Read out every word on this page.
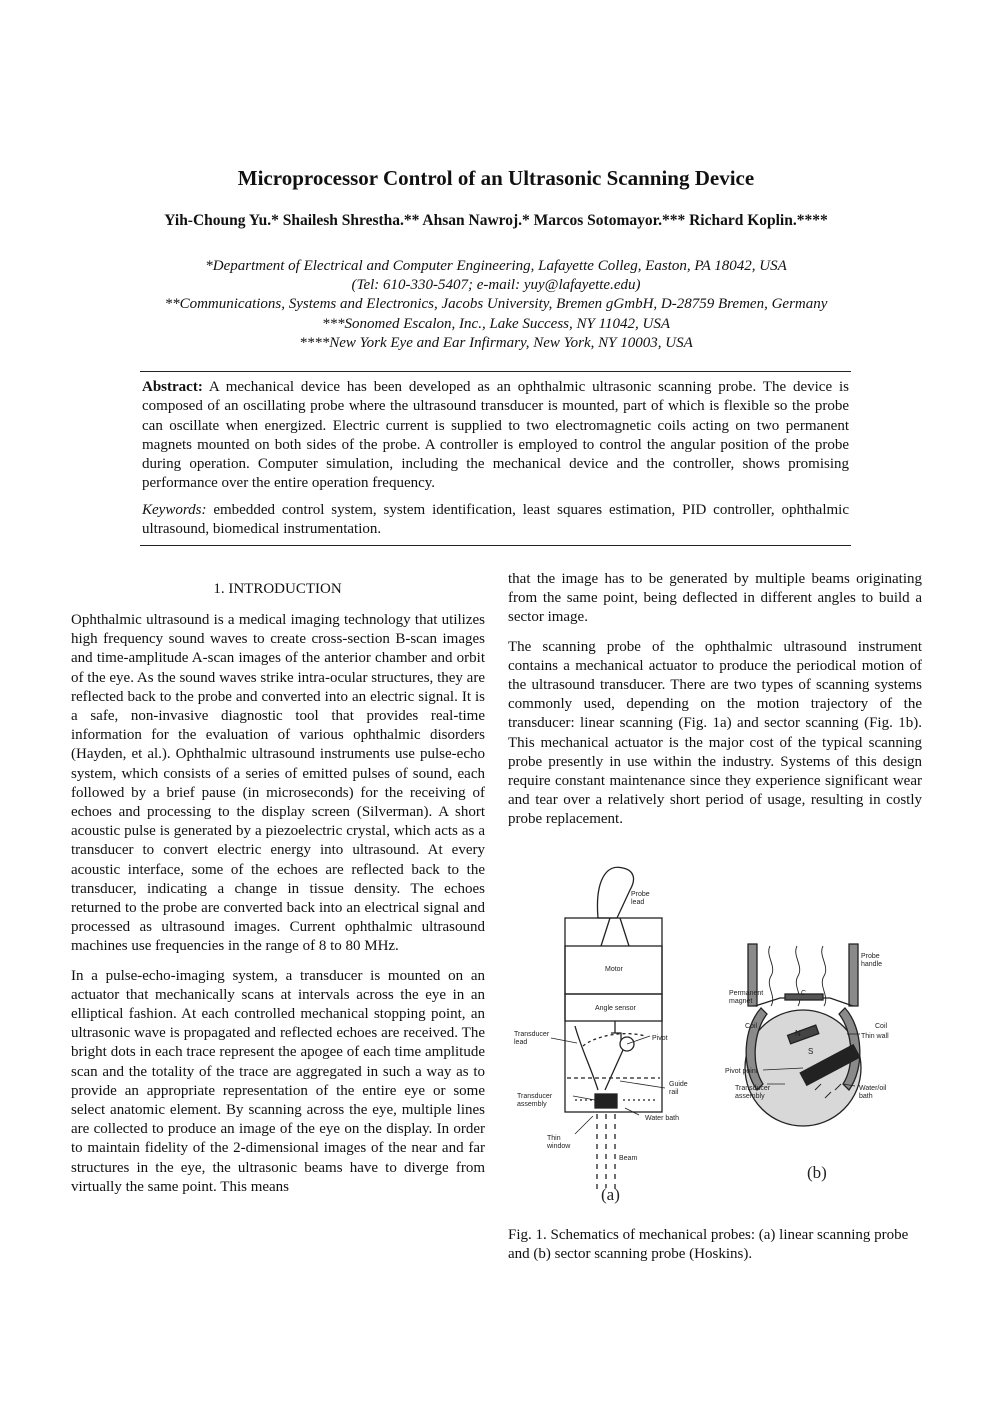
Microprocessor Control of an Ultrasonic Scanning Device
Yih-Choung Yu.* Shailesh Shrestha.** Ahsan Nawroj.* Marcos Sotomayor.*** Richard Koplin.****
*Department of Electrical and Computer Engineering, Lafayette Colleg, Easton, PA 18042, USA
(Tel: 610-330-5407; e-mail: yuy@lafayette.edu)
**Communications, Systems and Electronics, Jacobs University, Bremen gGmbH, D-28759 Bremen, Germany
***Sonomed Escalon, Inc., Lake Success, NY 11042, USA
****New York Eye and Ear Infirmary, New York, NY 10003, USA
Abstract: A mechanical device has been developed as an ophthalmic ultrasonic scanning probe. The device is composed of an oscillating probe where the ultrasound transducer is mounted, part of which is flexible so the probe can oscillate when energized. Electric current is supplied to two electromagnetic coils acting on two permanent magnets mounted on both sides of the probe. A controller is employed to control the angular position of the probe during operation. Computer simulation, including the mechanical device and the controller, shows promising performance over the entire operation frequency.
Keywords: embedded control system, system identification, least squares estimation, PID controller, ophthalmic ultrasound, biomedical instrumentation.
1. INTRODUCTION

Ophthalmic ultrasound is a medical imaging technology that utilizes high frequency sound waves to create cross-section B-scan images and time-amplitude A-scan images of the anterior chamber and orbit of the eye. As the sound waves strike intra-ocular structures, they are reflected back to the probe and converted into an electric signal. It is a safe, non-invasive diagnostic tool that provides real-time information for the evaluation of various ophthalmic disorders (Hayden, et al.). Ophthalmic ultrasound instruments use pulse-echo system, which consists of a series of emitted pulses of sound, each followed by a brief pause (in microseconds) for the receiving of echoes and processing to the display screen (Silverman). A short acoustic pulse is generated by a piezoelectric crystal, which acts as a transducer to convert electric energy into ultrasound. At every acoustic interface, some of the echoes are reflected back to the transducer, indicating a change in tissue density. The echoes returned to the probe are converted back into an electrical signal and processed as ultrasound images. Current ophthalmic ultrasound machines use frequencies in the range of 8 to 80 MHz.

In a pulse-echo-imaging system, a transducer is mounted on an actuator that mechanically scans at intervals across the eye in an elliptical fashion. At each controlled mechanical stopping point, an ultrasonic wave is propagated and reflected echoes are received. The bright dots in each trace represent the apogee of each time amplitude scan and the totality of the trace are aggregated in such a way as to provide an appropriate representation of the entire eye or some select anatomic element. By scanning across the eye, multiple lines are collected to produce an image of the eye on the display. In order to maintain fidelity of the 2-dimensional images of the near and far structures in the eye, the ultrasonic beams have to diverge from virtually the same point. This means

that the image has to be generated by multiple beams originating from the same point, being deflected in different angles to build a sector image.

The scanning probe of the ophthalmic ultrasound instrument contains a mechanical actuator to produce the periodical motion of the ultrasound transducer. There are two types of scanning systems commonly used, depending on the motion trajectory of the transducer: linear scanning (Fig. 1a) and sector scanning (Fig. 1b). This mechanical actuator is the major cost of the typical scanning probe presently in use within the industry. Systems of this design require constant maintenance since they experience significant wear and tear over a relatively short period of usage, resulting in costly probe replacement.

Probe lead
Motor
Angle sensor
Transducer lead
Pivot
Guide rail
Transducer assembly
Water bath
Thin window
Beam
Probe handle
Permanent magnet
C
Coil	Coil
N
S
Thin wall
Pivot point
Transducer assembly
Water/oil bath
(a)
(b)
Fig. 1. Schematics of mechanical probes: (a) linear scanning probe and (b) sector scanning probe (Hoskins).
